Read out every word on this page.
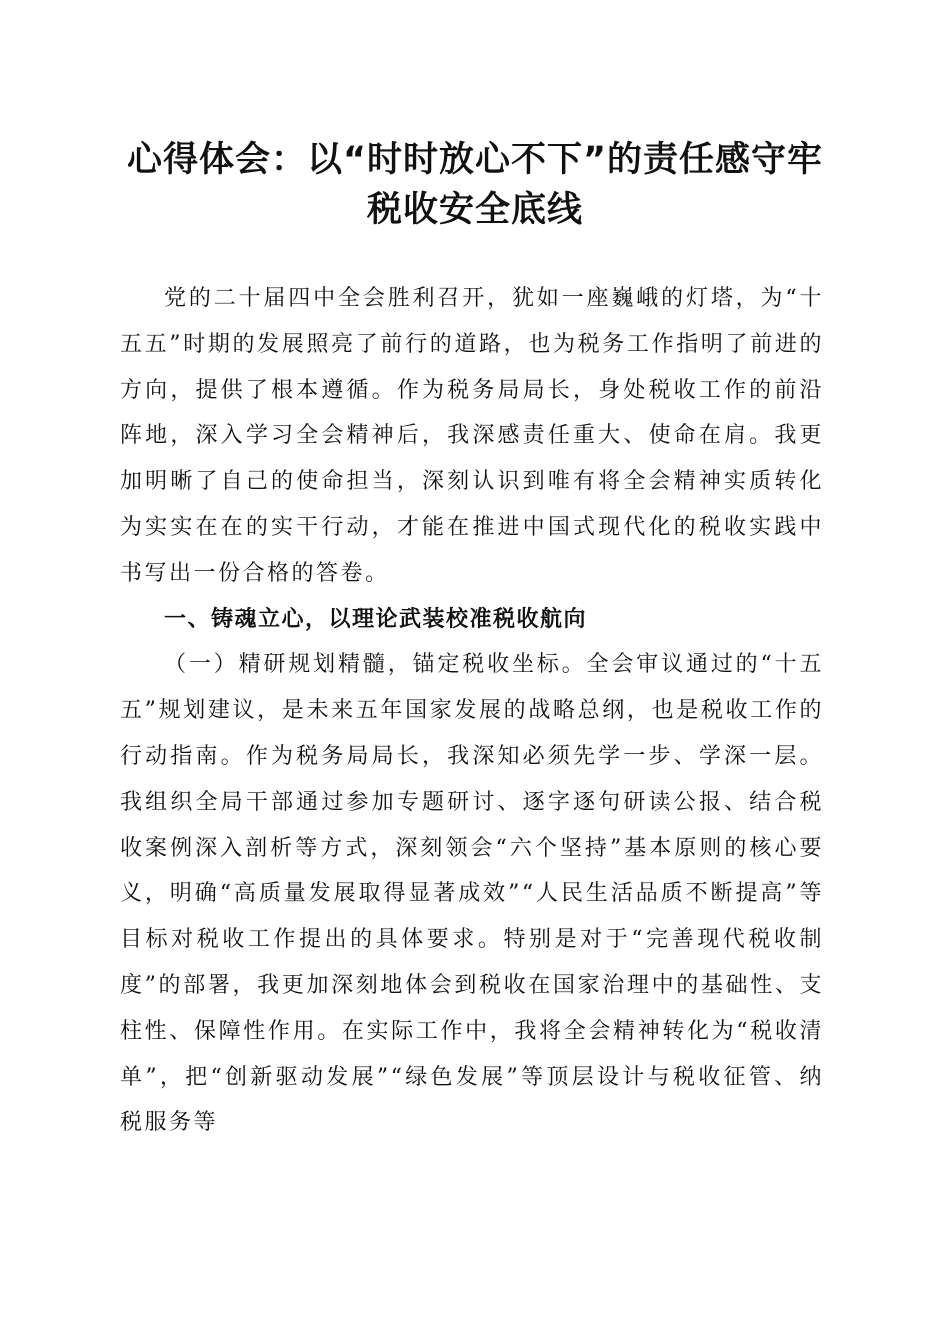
心得体会：以“时时放心不下”的责任感守牢
税收安全底线

党的二十届四中全会胜利召开，犹如一座巍峨的灯塔，为“十五五”时期的发展照亮了前行的道路，也为税务工作指明了前进的方向，提供了根本遵循。作为税务局局长，身处税收工作的前沿阵地，深入学习全会精神后，我深感责任重大、使命在肩。我更加明晰了自己的使命担当，深刻认识到唯有将全会精神实质转化为实实在在的实干行动，才能在推进中国式现代化的税收实践中书写出一份合格的答卷。

一、铸魂立心，以理论武装校准税收航向

（一）精研规划精髓，锚定税收坐标。全会审议通过的“十五五”规划建议，是未来五年国家发展的战略总纲，也是税收工作的行动指南。作为税务局局长，我深知必须先学一步、学深一层。我组织全局干部通过参加专题研讨、逐字逐句研读公报、结合税收案例深入剖析等方式，深刻领会“六个坚持”基本原则的核心要义，明确“高质量发展取得显著成效”“人民生活品质不断提高”等目标对税收工作提出的具体要求。特别是对于“完善现代税收制度”的部署，我更加深刻地体会到税收在国家治理中的基础性、支柱性、保障性作用。在实际工作中，我将全会精神转化为“税收清单”，把“创新驱动发展”“绿色发展”等顶层设计与税收征管、纳税服务等
